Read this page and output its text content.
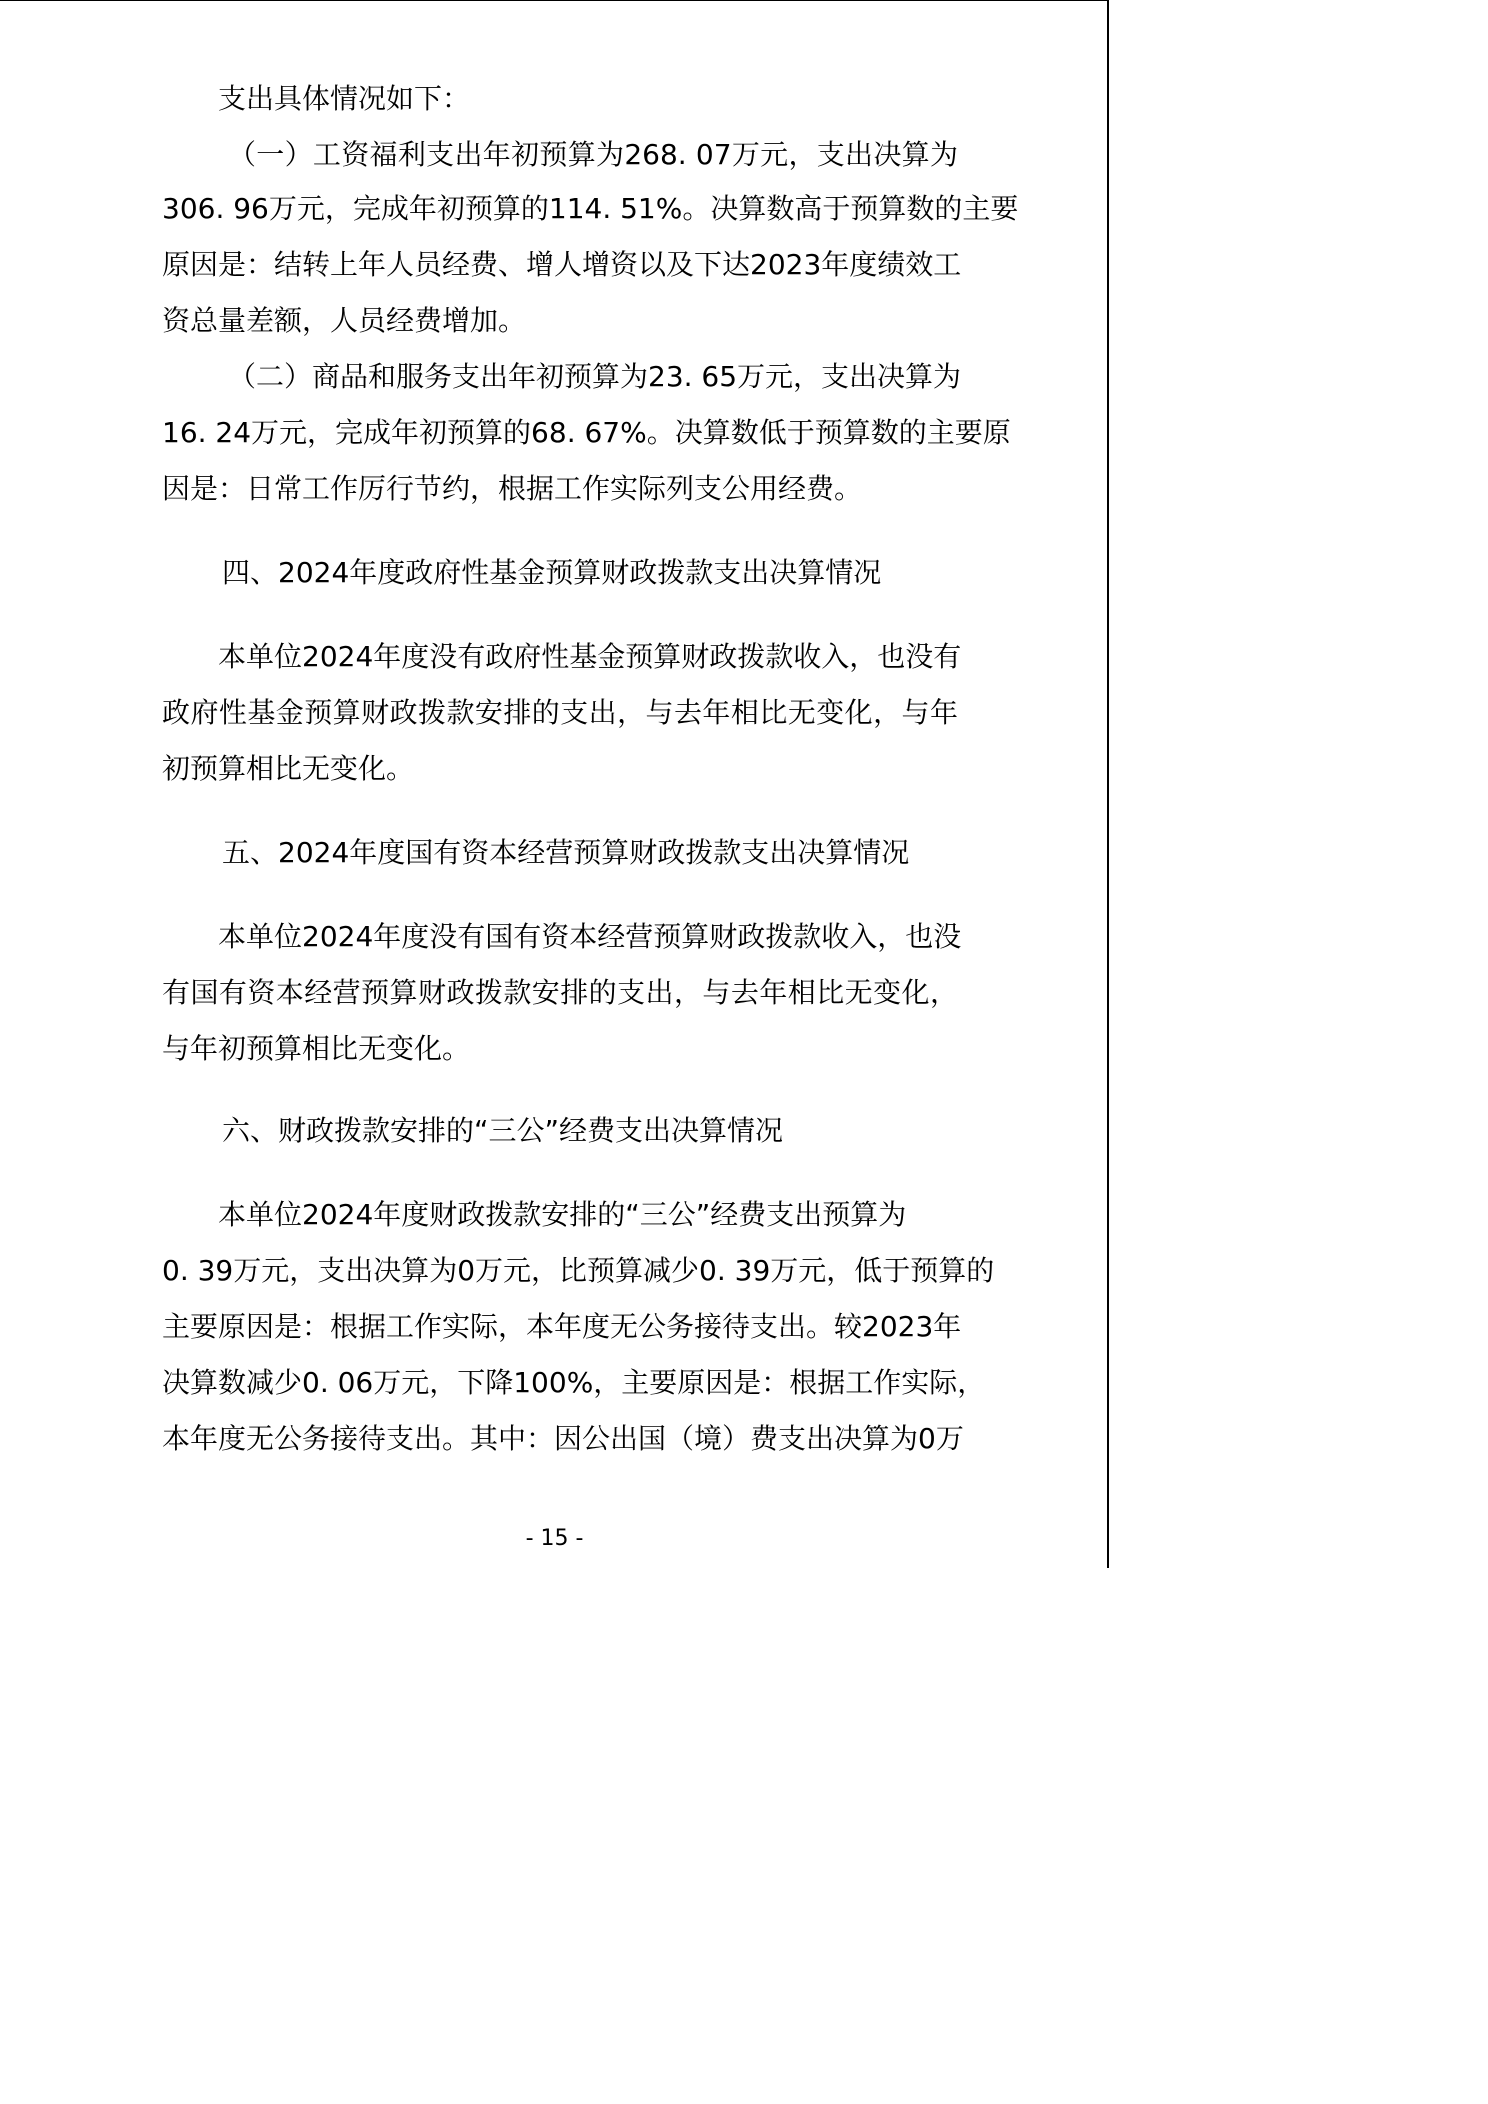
支出具体情况如下：
（一）工资福利支出年初预算为268. 07万元，支出决算为
306. 96万元，完成年初预算的114. 51%。决算数高于预算数的主要
原因是：结转上年人员经费、增人增资以及下达2023年度绩效工
资总量差额，人员经费增加。
（二）商品和服务支出年初预算为23. 65万元，支出决算为
16. 24万元，完成年初预算的68. 67%。决算数低于预算数的主要原
因是：日常工作厉行节约，根据工作实际列支公用经费。
四、2024年度政府性基金预算财政拨款支出决算情况
本单位2024年度没有政府性基金预算财政拨款收入，也没有
政府性基金预算财政拨款安排的支出，与去年相比无变化，与年
初预算相比无变化。
五、2024年度国有资本经营预算财政拨款支出决算情况
本单位2024年度没有国有资本经营预算财政拨款收入，也没
有国有资本经营预算财政拨款安排的支出，与去年相比无变化，
与年初预算相比无变化。
六、财政拨款安排的“三公”经费支出决算情况
本单位2024年度财政拨款安排的“三公”经费支出预算为
0. 39万元，支出决算为0万元，比预算减少0. 39万元，低于预算的
主要原因是：根据工作实际，本年度无公务接待支出。较2023年
决算数减少0. 06万元，下降100%，主要原因是：根据工作实际，
本年度无公务接待支出。其中：因公出国（境）费支出决算为0万
- 15 -
